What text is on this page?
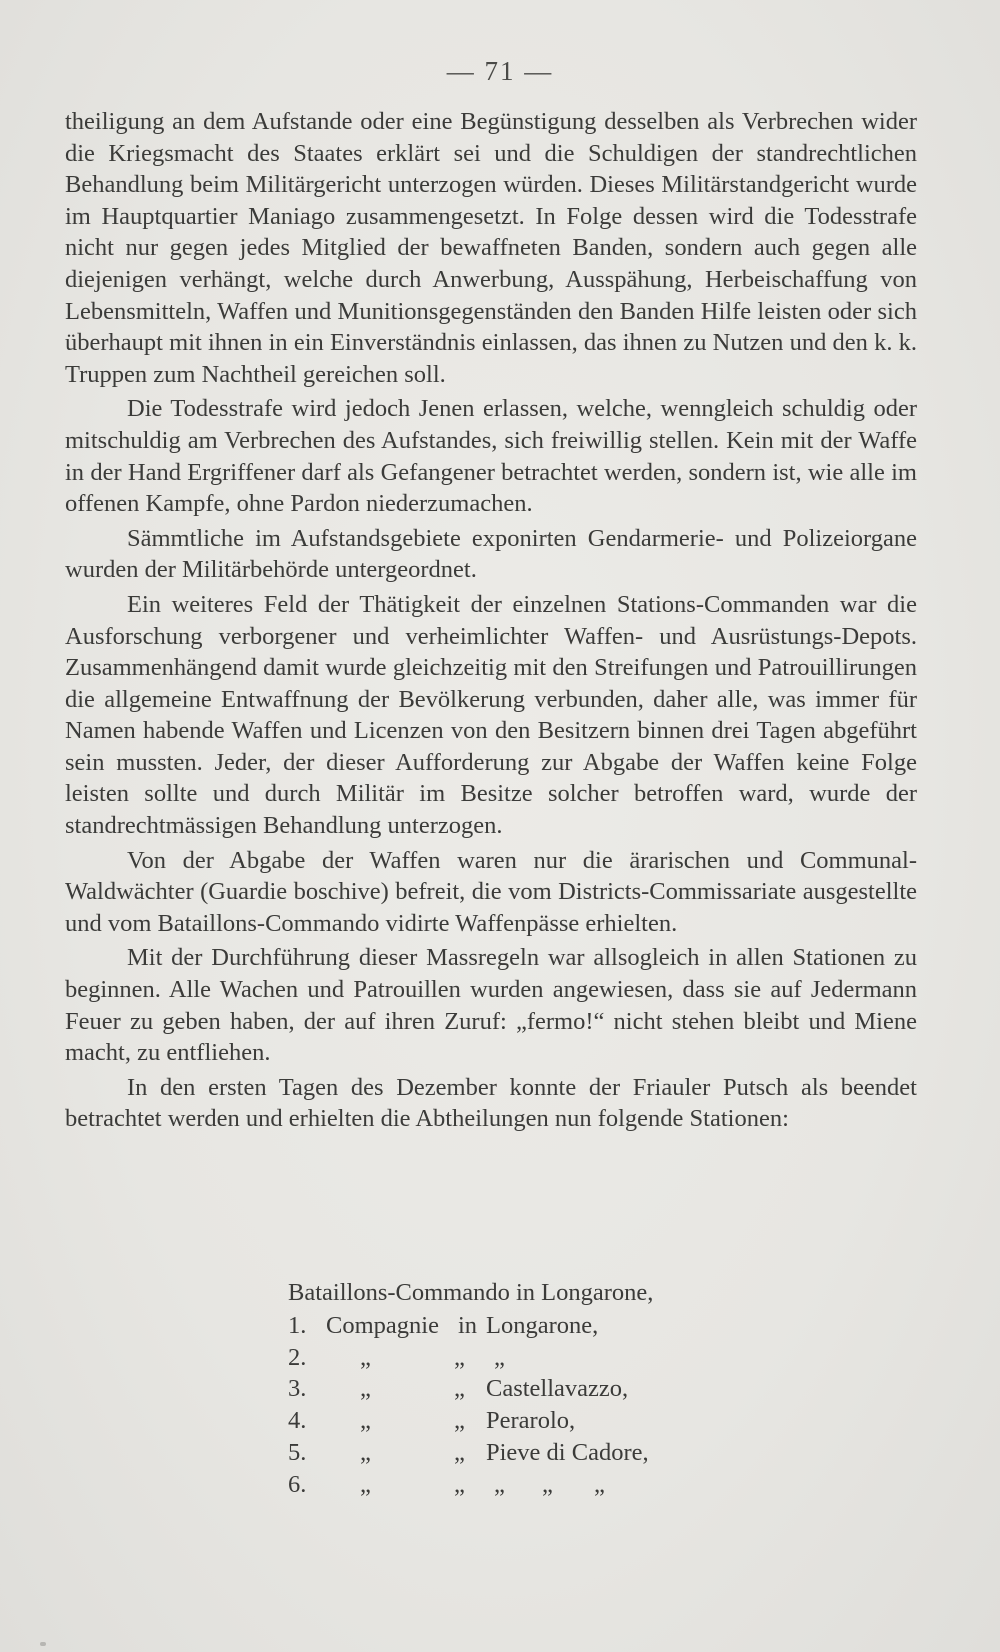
— 71 —

theiligung an dem Aufstande oder eine Begünstigung desselben als Verbrechen wider die Kriegsmacht des Staates erklärt sei und die Schuldigen der standrechtlichen Behandlung beim Militärgericht unterzogen würden. Dieses Militärstandgericht wurde im Hauptquartier Maniago zusammengesetzt. In Folge dessen wird die Todesstrafe nicht nur gegen jedes Mitglied der bewaffneten Banden, sondern auch gegen alle diejenigen verhängt, welche durch Anwerbung, Ausspähung, Herbeischaffung von Lebensmitteln, Waffen und Munitionsgegenständen den Banden Hilfe leisten oder sich überhaupt mit ihnen in ein Einverständnis einlassen, das ihnen zu Nutzen und den k. k. Truppen zum Nachtheil gereichen soll.

Die Todesstrafe wird jedoch Jenen erlassen, welche, wenngleich schuldig oder mitschuldig am Verbrechen des Aufstandes, sich freiwillig stellen. Kein mit der Waffe in der Hand Ergriffener darf als Gefangener betrachtet werden, sondern ist, wie alle im offenen Kampfe, ohne Pardon niederzumachen.

Sämmtliche im Aufstandsgebiete exponirten Gendarmerie- und Polizeiorgane wurden der Militärbehörde untergeordnet.

Ein weiteres Feld der Thätigkeit der einzelnen Stations-Commanden war die Ausforschung verborgener und verheimlichter Waffen- und Ausrüstungs-Depots. Zusammenhängend damit wurde gleichzeitig mit den Streifungen und Patrouillirungen die allgemeine Entwaffnung der Bevölkerung verbunden, daher alle, was immer für Namen habende Waffen und Licenzen von den Besitzern binnen drei Tagen abgeführt sein mussten. Jeder, der dieser Aufforderung zur Abgabe der Waffen keine Folge leisten sollte und durch Militär im Besitze solcher betroffen ward, wurde der standrechtmässigen Behandlung unterzogen.

Von der Abgabe der Waffen waren nur die ärarischen und Communal-Waldwächter (Guardie boschive) befreit, die vom Districts-Commissariate ausgestellte und vom Bataillons-Commando vidirte Waffenpässe erhielten.

Mit der Durchführung dieser Massregeln war allsogleich in allen Stationen zu beginnen. Alle Wachen und Patrouillen wurden angewiesen, dass sie auf Jedermann Feuer zu geben haben, der auf ihren Zuruf: „fermo!“ nicht stehen bleibt und Miene macht, zu entfliehen.

In den ersten Tagen des Dezember konnte der Friauler Putsch als beendet betrachtet werden und erhielten die Abtheilungen nun folgende Stationen:

Bataillons-Commando in Longarone,
1. Compagnie in Longarone,
2. „	„ „
3. „	„ Castellavazzo,
4. „	„ Perarolo,
5. „	„ Pieve di Cadore,
6. „	„ „ „ „
